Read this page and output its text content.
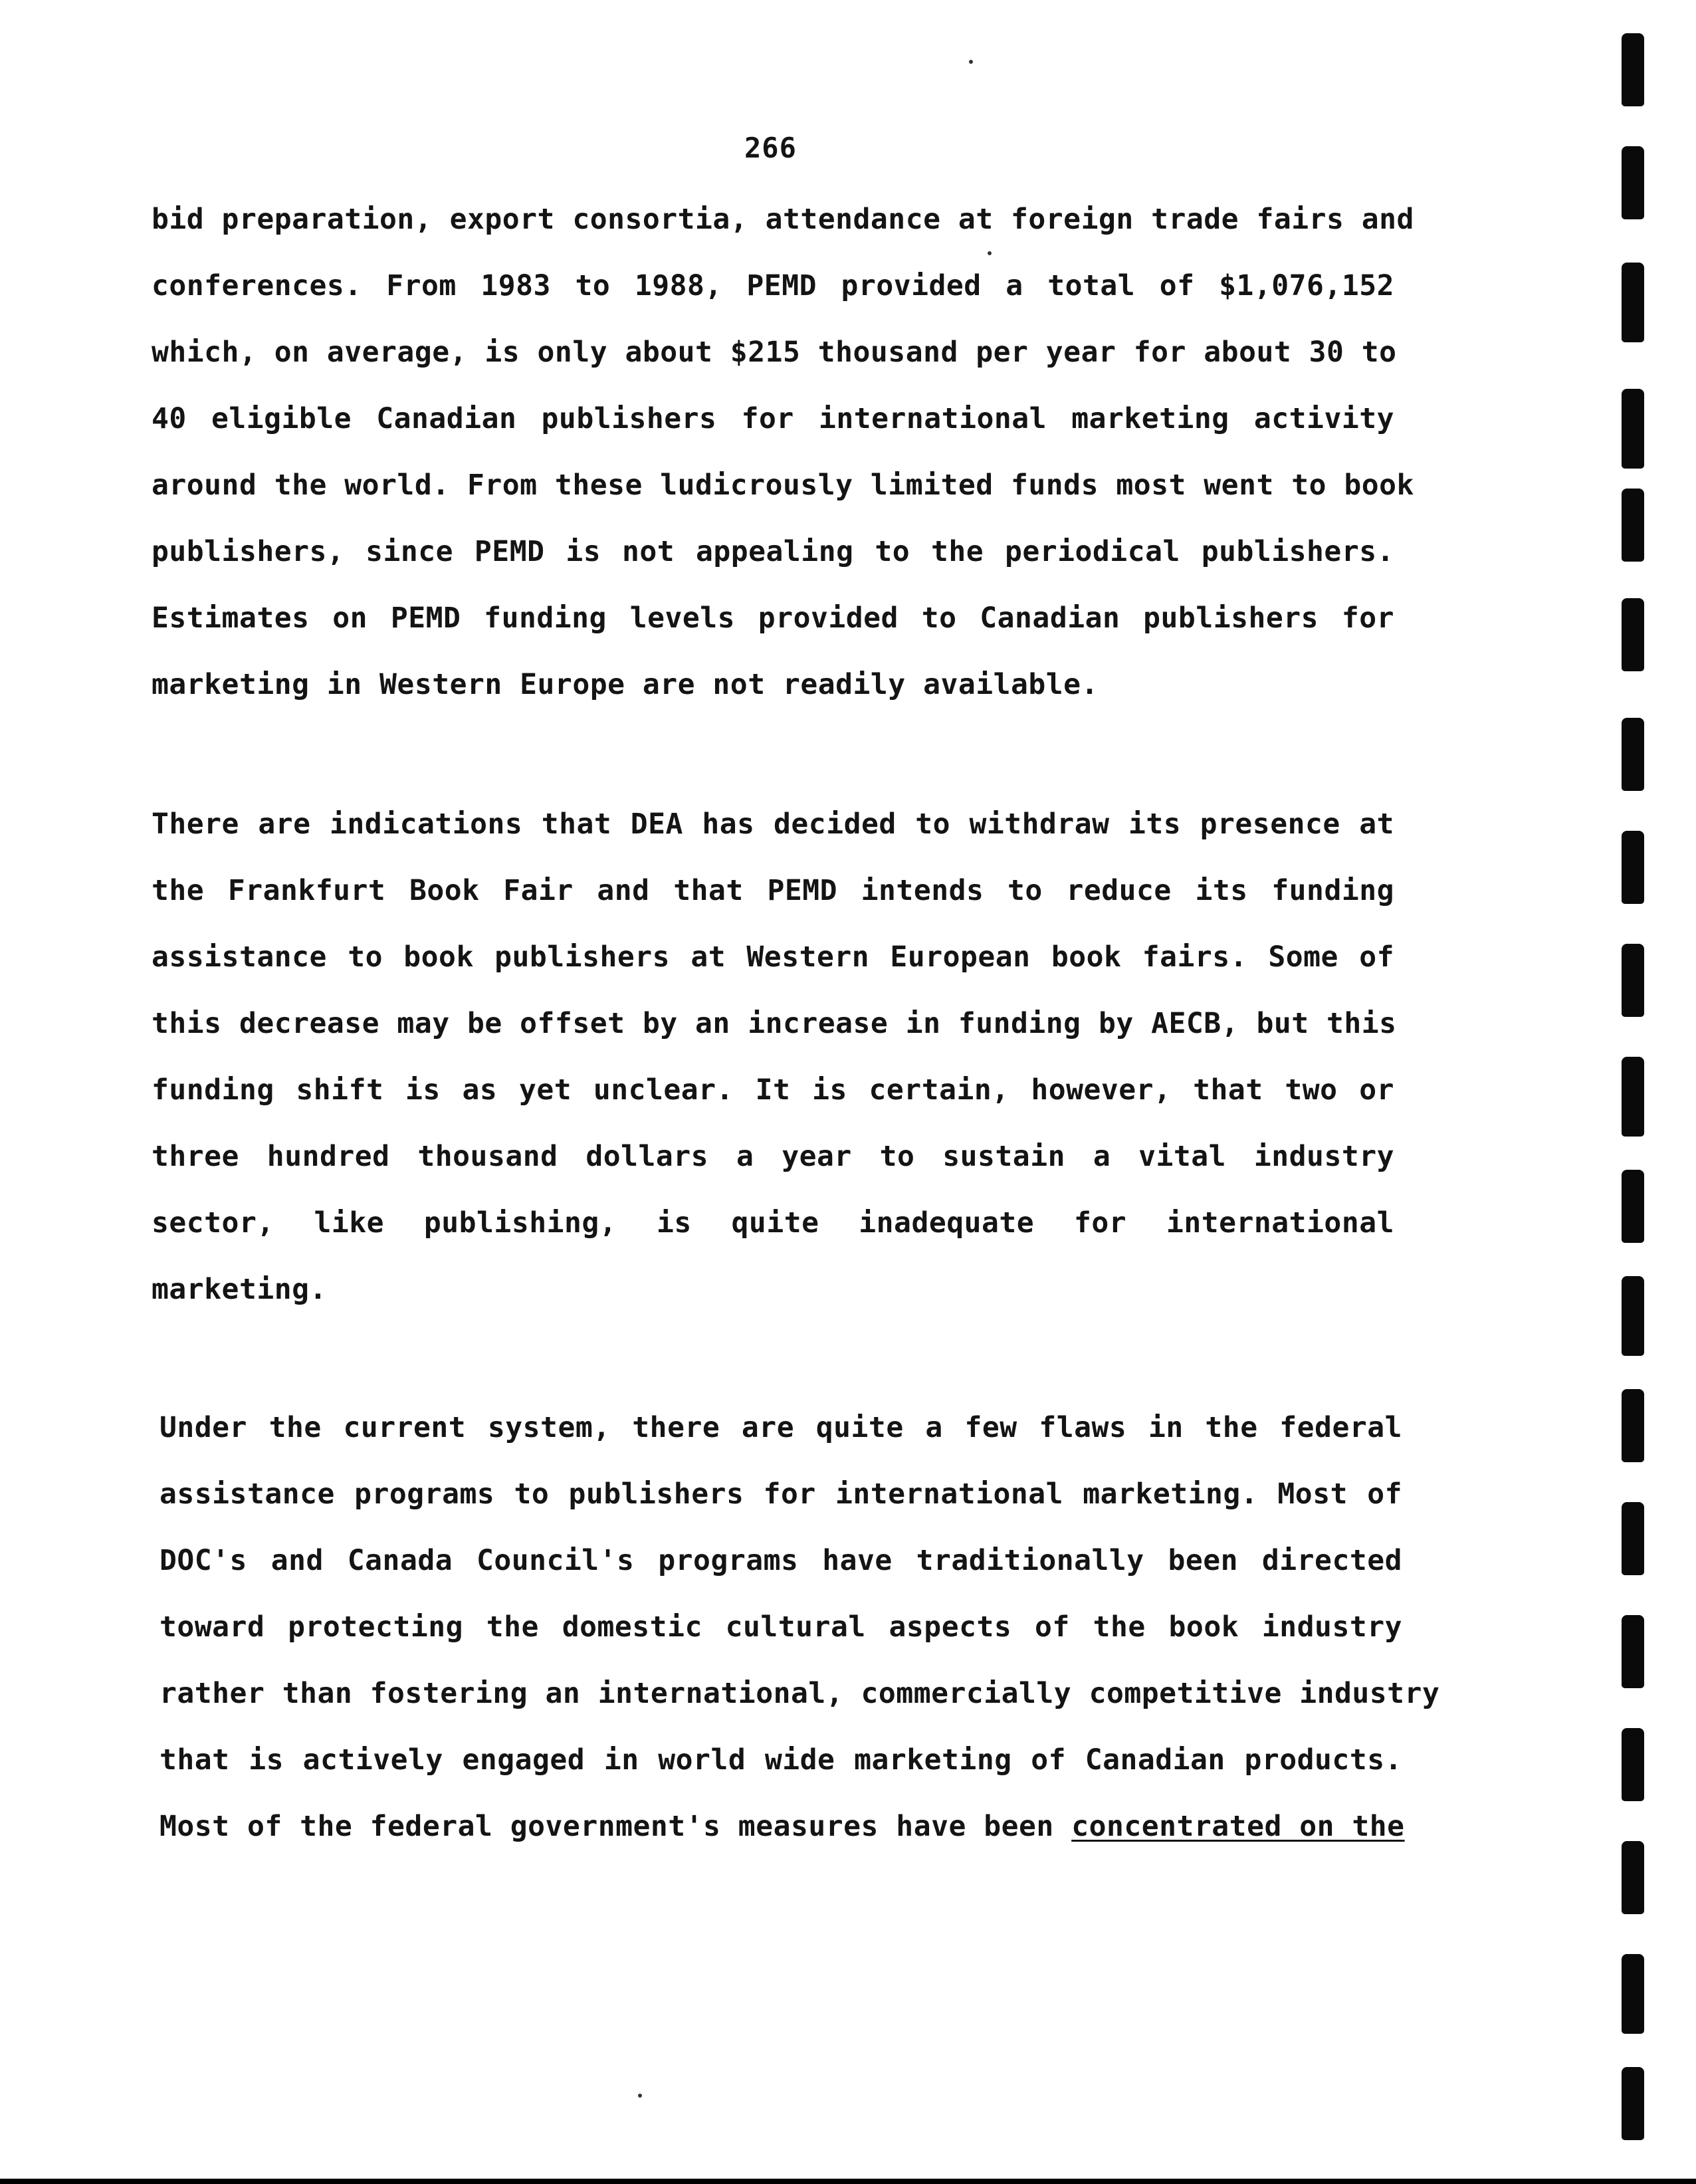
266
bid preparation, export consortia, attendance at foreign trade fairs and
conferences. From 1983 to 1988, PEMD provided a total of $1,076,152
which, on average, is only about $215 thousand per year for about 30 to
40 eligible Canadian publishers for international marketing activity
around the world. From these ludicrously limited funds most went to book
publishers, since PEMD is not appealing to the periodical publishers.
Estimates on PEMD funding levels provided to Canadian publishers for
marketing in Western Europe are not readily available.
There are indications that DEA has decided to withdraw its presence at
the Frankfurt Book Fair and that PEMD intends to reduce its funding
assistance to book publishers at Western European book fairs. Some of
this decrease may be offset by an increase in funding by AECB, but this
funding shift is as yet unclear. It is certain, however, that two or
three hundred thousand dollars a year to sustain a vital industry
sector, like publishing, is quite inadequate for international
marketing.
Under the current system, there are quite a few flaws in the federal
assistance programs to publishers for international marketing. Most of
DOC's and Canada Council's programs have traditionally been directed
toward protecting the domestic cultural aspects of the book industry
rather than fostering an international, commercially competitive industry
that is actively engaged in world wide marketing of Canadian products.
Most of the federal government's measures have been concentrated on the
